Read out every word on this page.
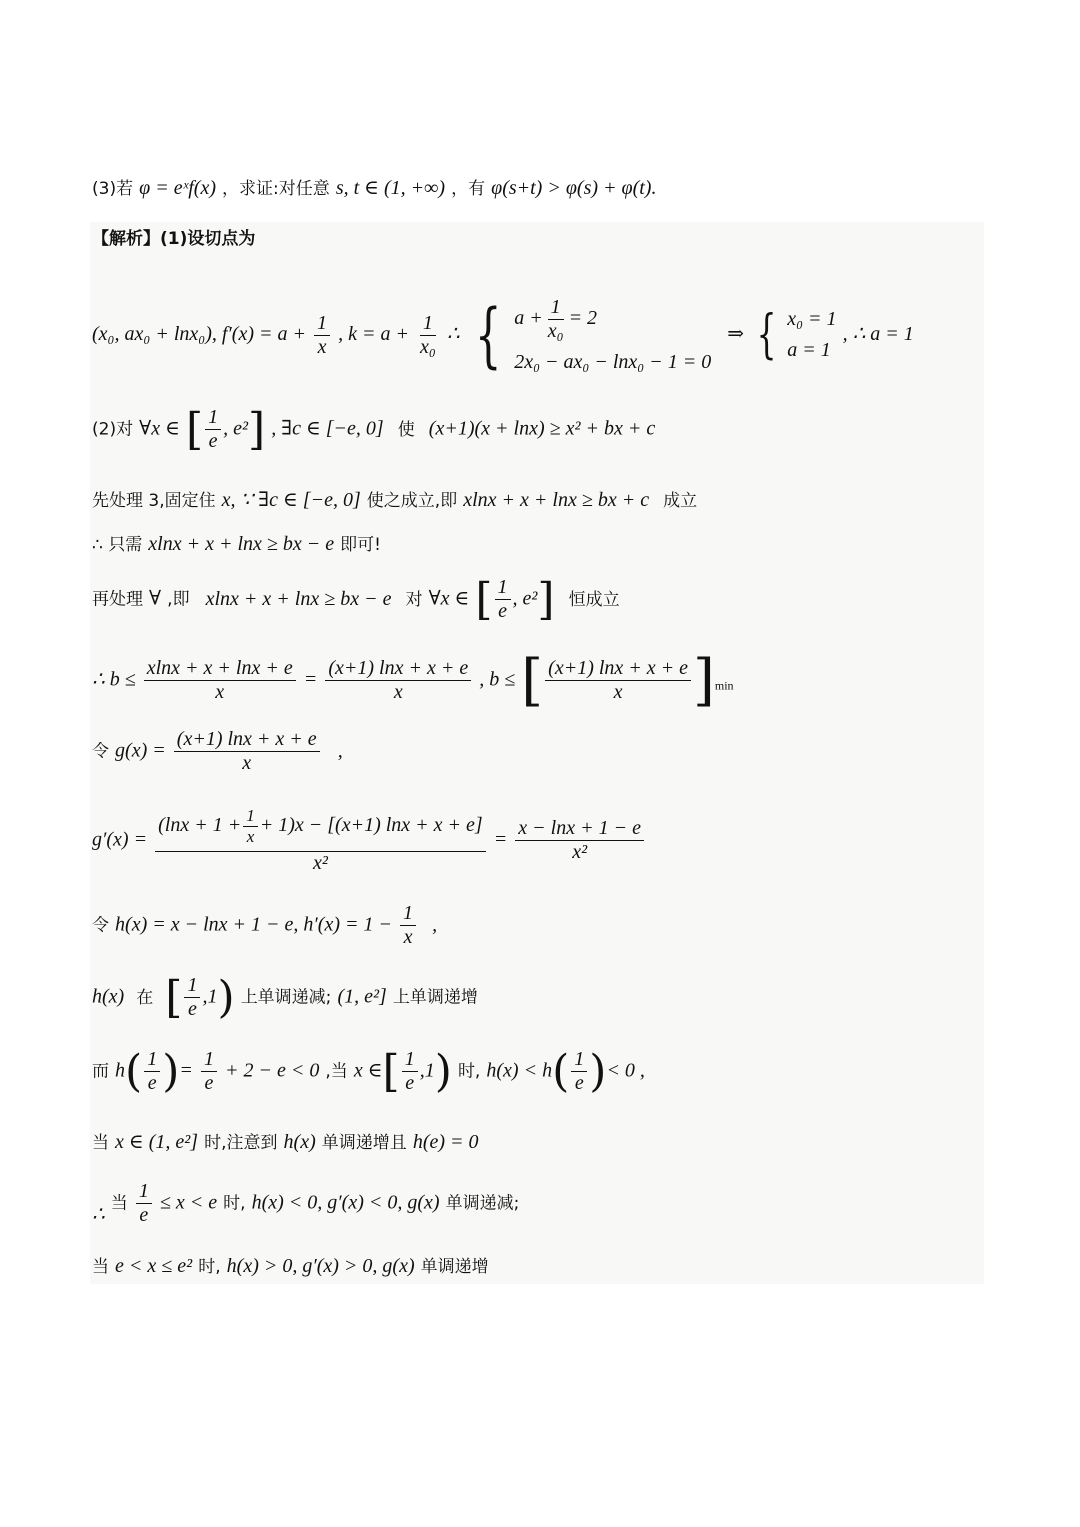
(3)若 φ = eˣf(x) ，求证:对任意 s, t ∈ (1, +∞) ，有 φ(s+t) > φ(s) + φ(t).
【解析】(1)设切点为
(x₀, ax₀ + lnx₀), $f'(x) = a + \frac{1}{x}$ , $k = a + \frac{1}{\text{x₀}}$ ∴ { $a + \frac{1}{\text{x₀}} = 2$
2x₀ − ax₀ − lnx₀ − 1 = 0
⇒ { x₀ = 1
a = 1
, ∴ a = 1
(2)对 ∀x ∈ [ $\frac{1}{e}$ , e²] , ∃c ∈ [−e, 0] 使 (x+1)(x + lnx) ≥ x² + bx + c
先处理 3,固定住 x, ∵ ∃c ∈ [−e, 0] 使之成立,即 xlnx + x + lnx ≥ bx + c 成立
∴ 只需 xlnx + x + lnx ≥ bx − e 即可!
再处理 ∀ ,即 xlnx + x + lnx ≥ bx − e 对 ∀x ∈ [ $\frac{1}{e}$ , e²] 恒成立
∴ $b \le \frac{xlnx + x + \ln x + e}{x} = \frac{(x+1) \ln x + x + e}{x}$ , b ≤ [ $\frac{(x+1) \ln x + x + e}{x} ]_{min}$
令 $g(x) = \frac{(x+1) \ln x + x + e}{x}$ ,
$g'(x) = \frac{(\ln x + 1 + \frac{1}{x} + 1)x - [(x+1) \ln x + x + e]}{\text{x²}} = \frac{x - \ln x + 1 - e}{\text{x²}}$
令 h(x) = x − lnx + 1 − e, $h'(x) = 1 - \frac{1}{x}$ ,
h(x) 在 [ $\frac{1}{e} ,1$) 上单调递减; (1, e²] 上单调递增
而 $h( \frac{1}{e}$ )= $\frac{1}{e} + 2 - e < 0$ ,当 x ∈[ $\frac{1}{e} ,1$) 时, $h(x) < h( \frac{1}{e}$ )< 0 ,
当 x ∈ (1, e²] 时,注意到 h(x) 单调递增且 h(e) = 0
∴ 当 $\frac{1}{e} \le x < e$ 时, h(x) < 0, g′(x) < 0, g(x) 单调递减;
当 e < x ≤ e² 时, h(x) > 0, g′(x) > 0, g(x) 单调递增
